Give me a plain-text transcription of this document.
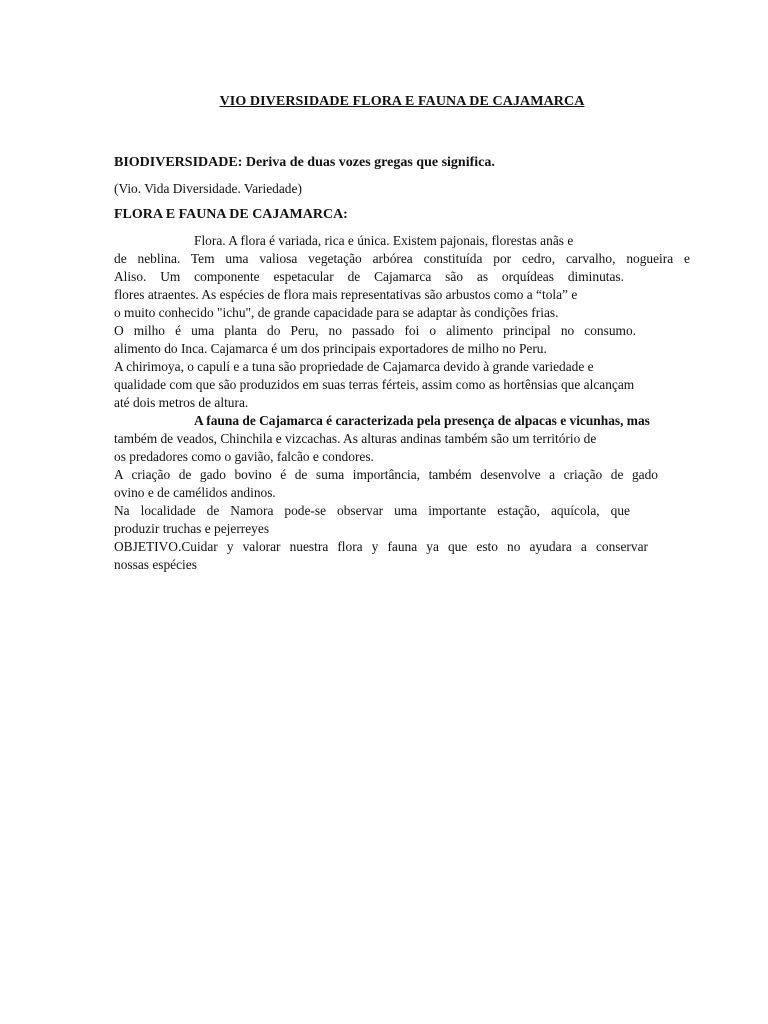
VIO DIVERSIDADE FLORA E FAUNA DE CAJAMARCA
BIODIVERSIDADE: Deriva de duas vozes gregas que significa.
(Vio. Vida Diversidade. Variedade)
FLORA E FAUNA DE CAJAMARCA:
Flora. A flora é variada, rica e única. Existem pajonais, florestas anãs e
de neblina. Tem uma valiosa vegetação arbórea constituída por cedro, carvalho, nogueira e
Aliso. Um componente espetacular de Cajamarca são as orquídeas diminutas.
flores atraentes. As espécies de flora mais representativas são arbustos como a “tola” e
o muito conhecido "ichu", de grande capacidade para se adaptar às condições frias.
O milho é uma planta do Peru, no passado foi o alimento principal no consumo.
alimento do Inca. Cajamarca é um dos principais exportadores de milho no Peru.
A chirimoya, o capulí e a tuna são propriedade de Cajamarca devido à grande variedade e
qualidade com que são produzidos em suas terras férteis, assim como as hortênsias que alcançam
até dois metros de altura.
A fauna de Cajamarca é caracterizada pela presença de alpacas e vicunhas, mas
também de veados, Chinchila e vizcachas. As alturas andinas também são um território de
os predadores como o gavião, falcão e condores.
A criação de gado bovino é de suma importância, também desenvolve a criação de gado
ovino e de camélidos andinos.
Na localidade de Namora pode-se observar uma importante estação, aquícola, que
produzir truchas e pejerreyes
OBJETIVO.Cuidar y valorar nuestra flora y fauna ya que esto no ayudara a conservar
nossas espécies
